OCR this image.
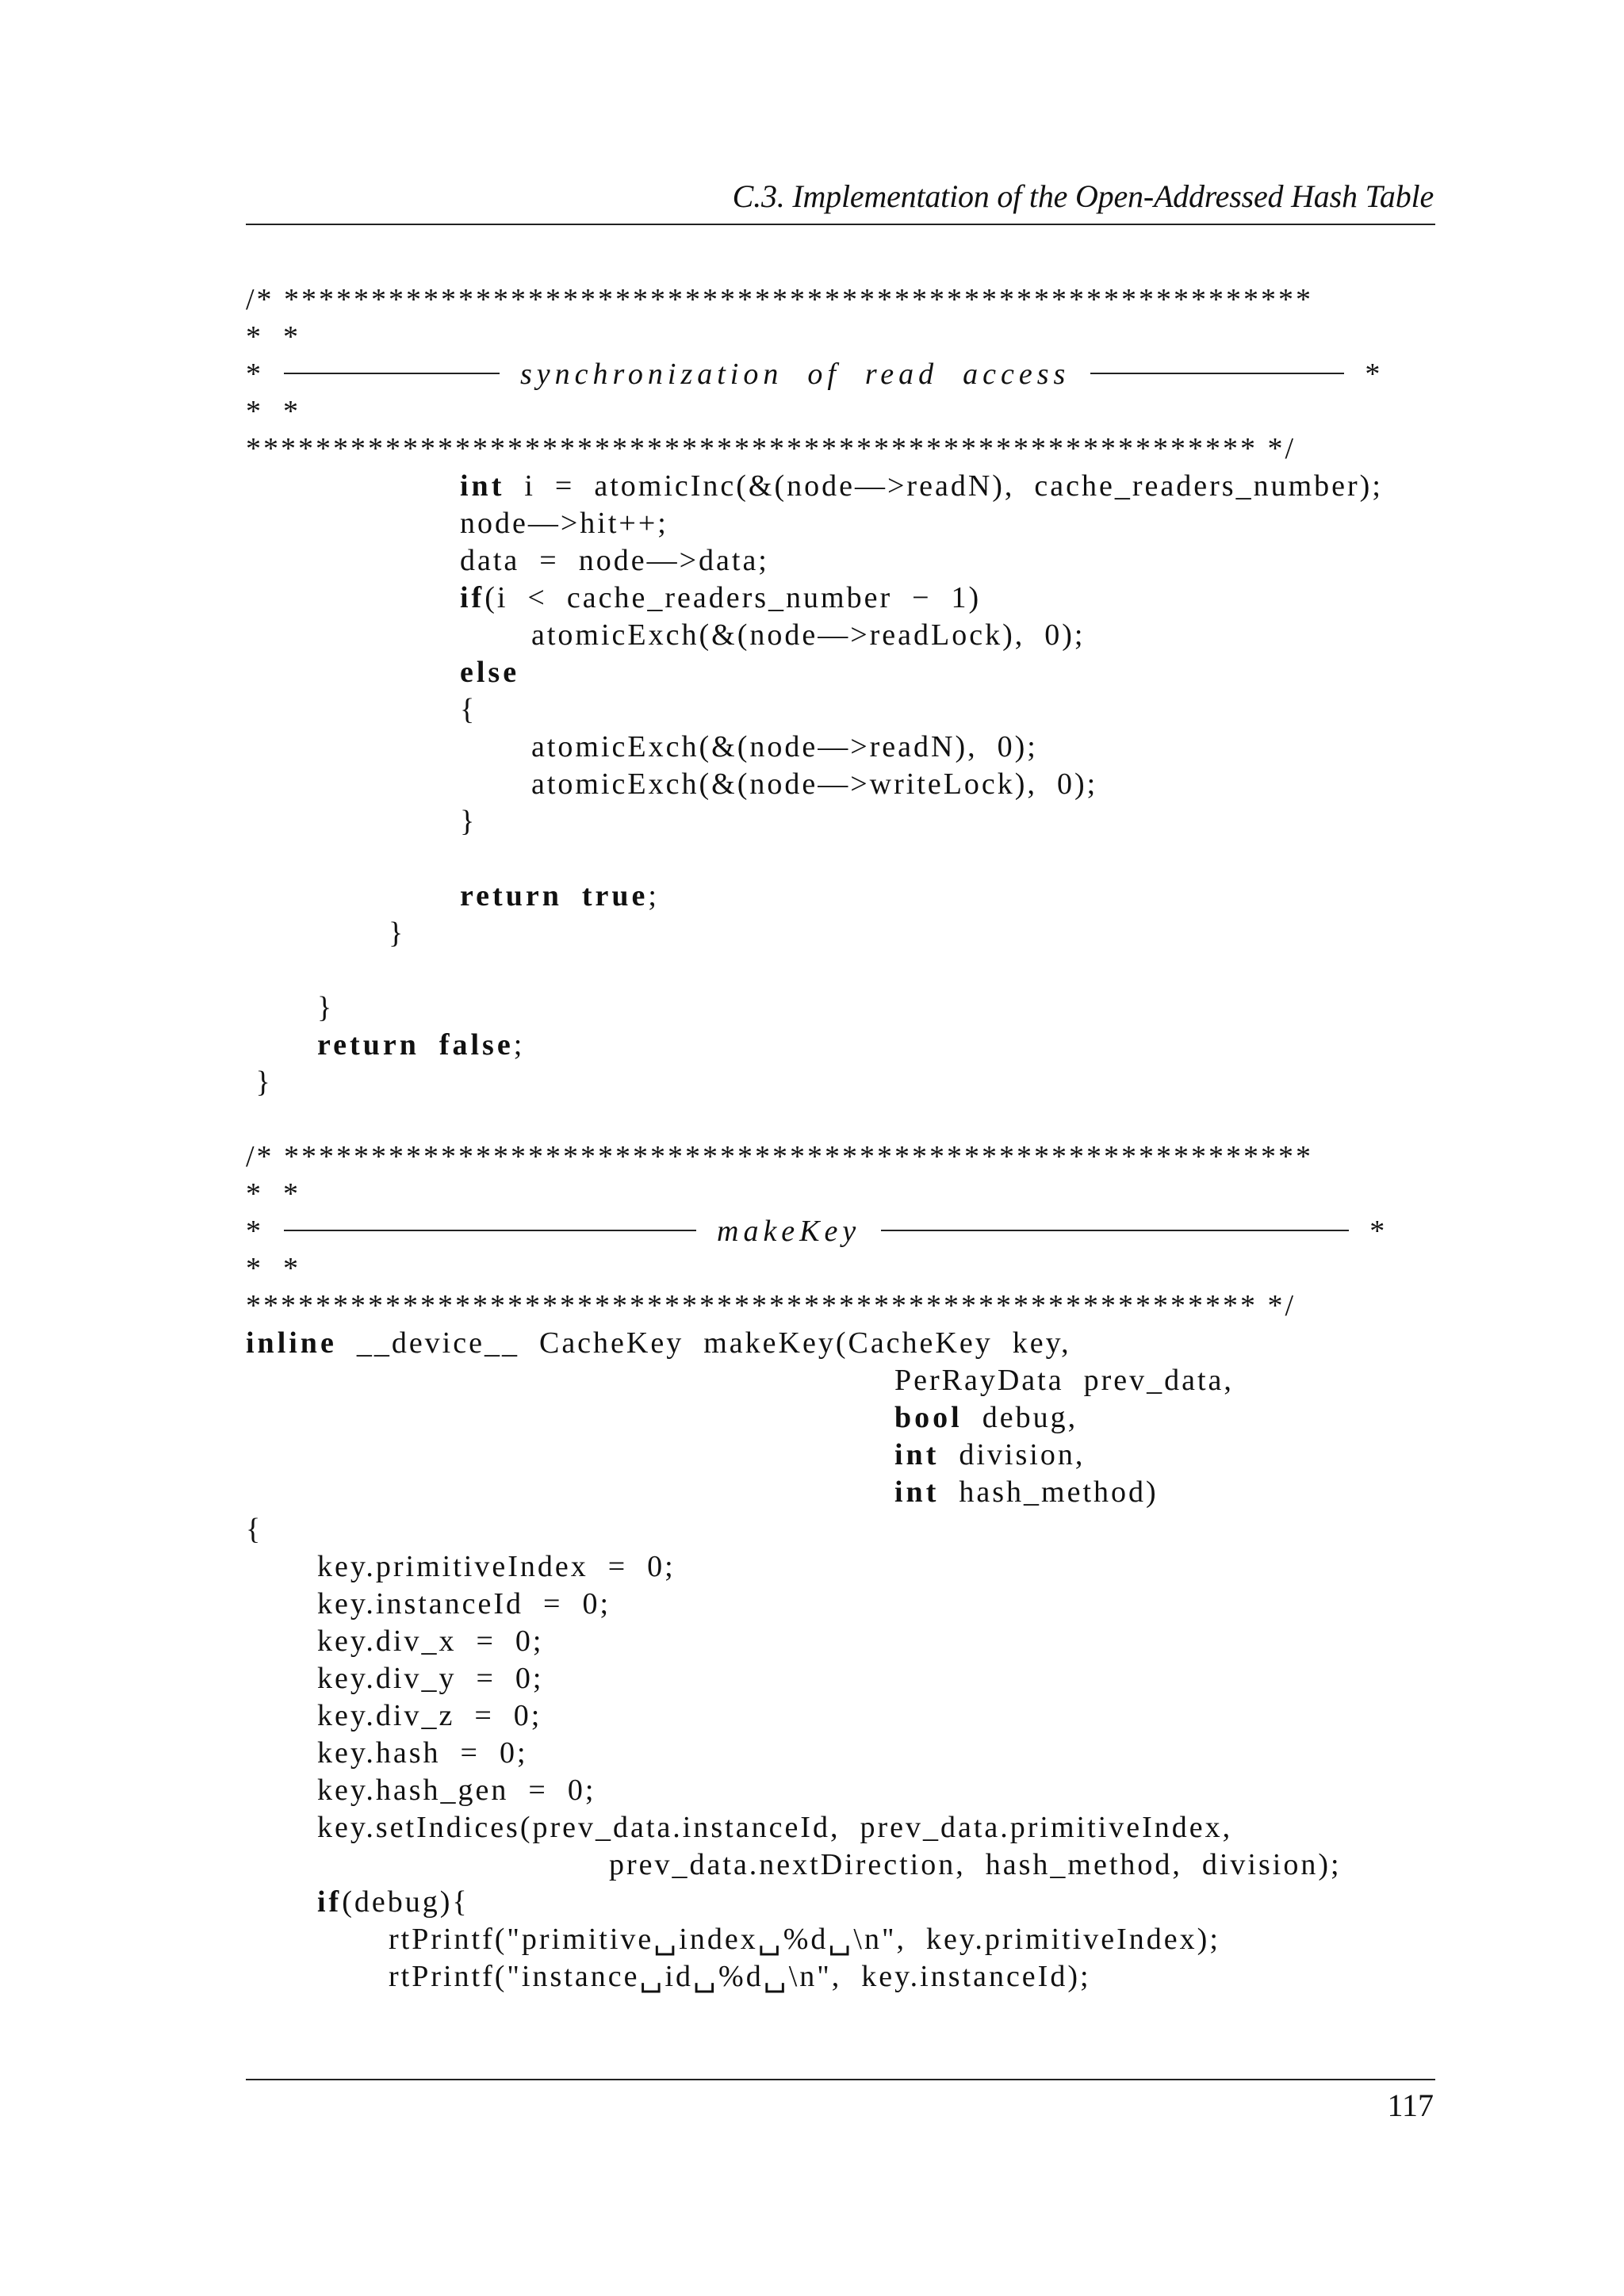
C.3. Implementation of the Open-Addressed Hash Table
/* ***********************************************************
*  *
*	synchronization  of  read  access	*
*  *
********************************************************** */
int  i  =  atomicInc(&(node—>readN),  cache_readers_number);
node—>hit++;
data  =  node—>data;
if(i  <  cache_readers_number  −  1)
atomicExch(&(node—>readLock),  0);
else
{
atomicExch(&(node—>readN),  0);
atomicExch(&(node—>writeLock),  0);
}
return true;
}
}
return false;
}
/* ***********************************************************
*  *
*	makeKey	*
*  *
********************************************************** */
inline  __device__  CacheKey  makeKey(CacheKey  key,
PerRayData  prev_data,
bool  debug,
int  division,
int  hash_method)
{
key.primitiveIndex  =  0;
key.instanceId  =  0;
key.div_x  =  0;
key.div_y  =  0;
key.div_z  =  0;
key.hash  =  0;
key.hash_gen  =  0;
key.setIndices(prev_data.instanceId,  prev_data.primitiveIndex,
prev_data.nextDirection,  hash_method,  division);
if(debug){
rtPrintf("primitive␣index␣%d␣\n",  key.primitiveIndex);
rtPrintf("instance␣id␣%d␣\n",  key.instanceId);
117
